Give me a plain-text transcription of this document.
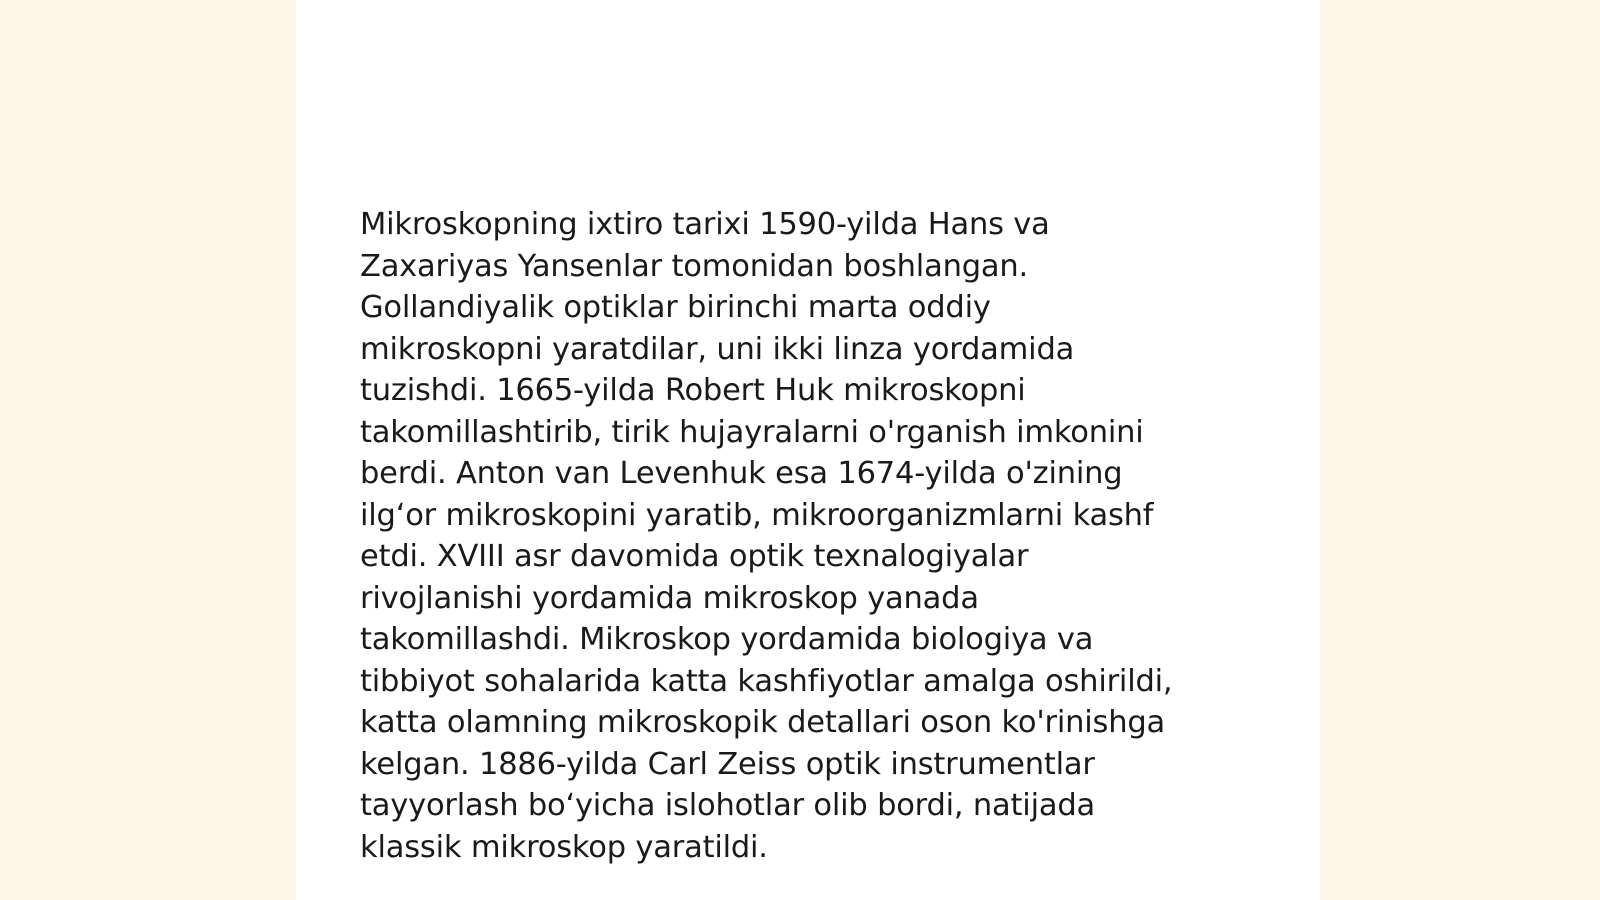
Mikroskopning ixtiro tarixi 1590-yilda Hans va
Zaxariyas Yansenlar tomonidan boshlangan.
Gollandiyalik optiklar birinchi marta oddiy
mikroskopni yaratdilar, uni ikki linza yordamida
tuzishdi. 1665-yilda Robert Huk mikroskopni
takomillashtirib, tirik hujayralarni o'rganish imkonini
berdi. Anton van Levenhuk esa 1674-yilda o'zining
ilg‘or mikroskopini yaratib, mikroorganizmlarni kashf
etdi. XVIII asr davomida optik texnalogiyalar
rivojlanishi yordamida mikroskop yanada
takomillashdi. Mikroskop yordamida biologiya va
tibbiyot sohalarida katta kashfiyotlar amalga oshirildi,
katta olamning mikroskopik detallari oson ko'rinishga
kelgan. 1886-yilda Carl Zeiss optik instrumentlar
tayyorlash bo‘yicha islohotlar olib bordi, natijada
klassik mikroskop yaratildi.
